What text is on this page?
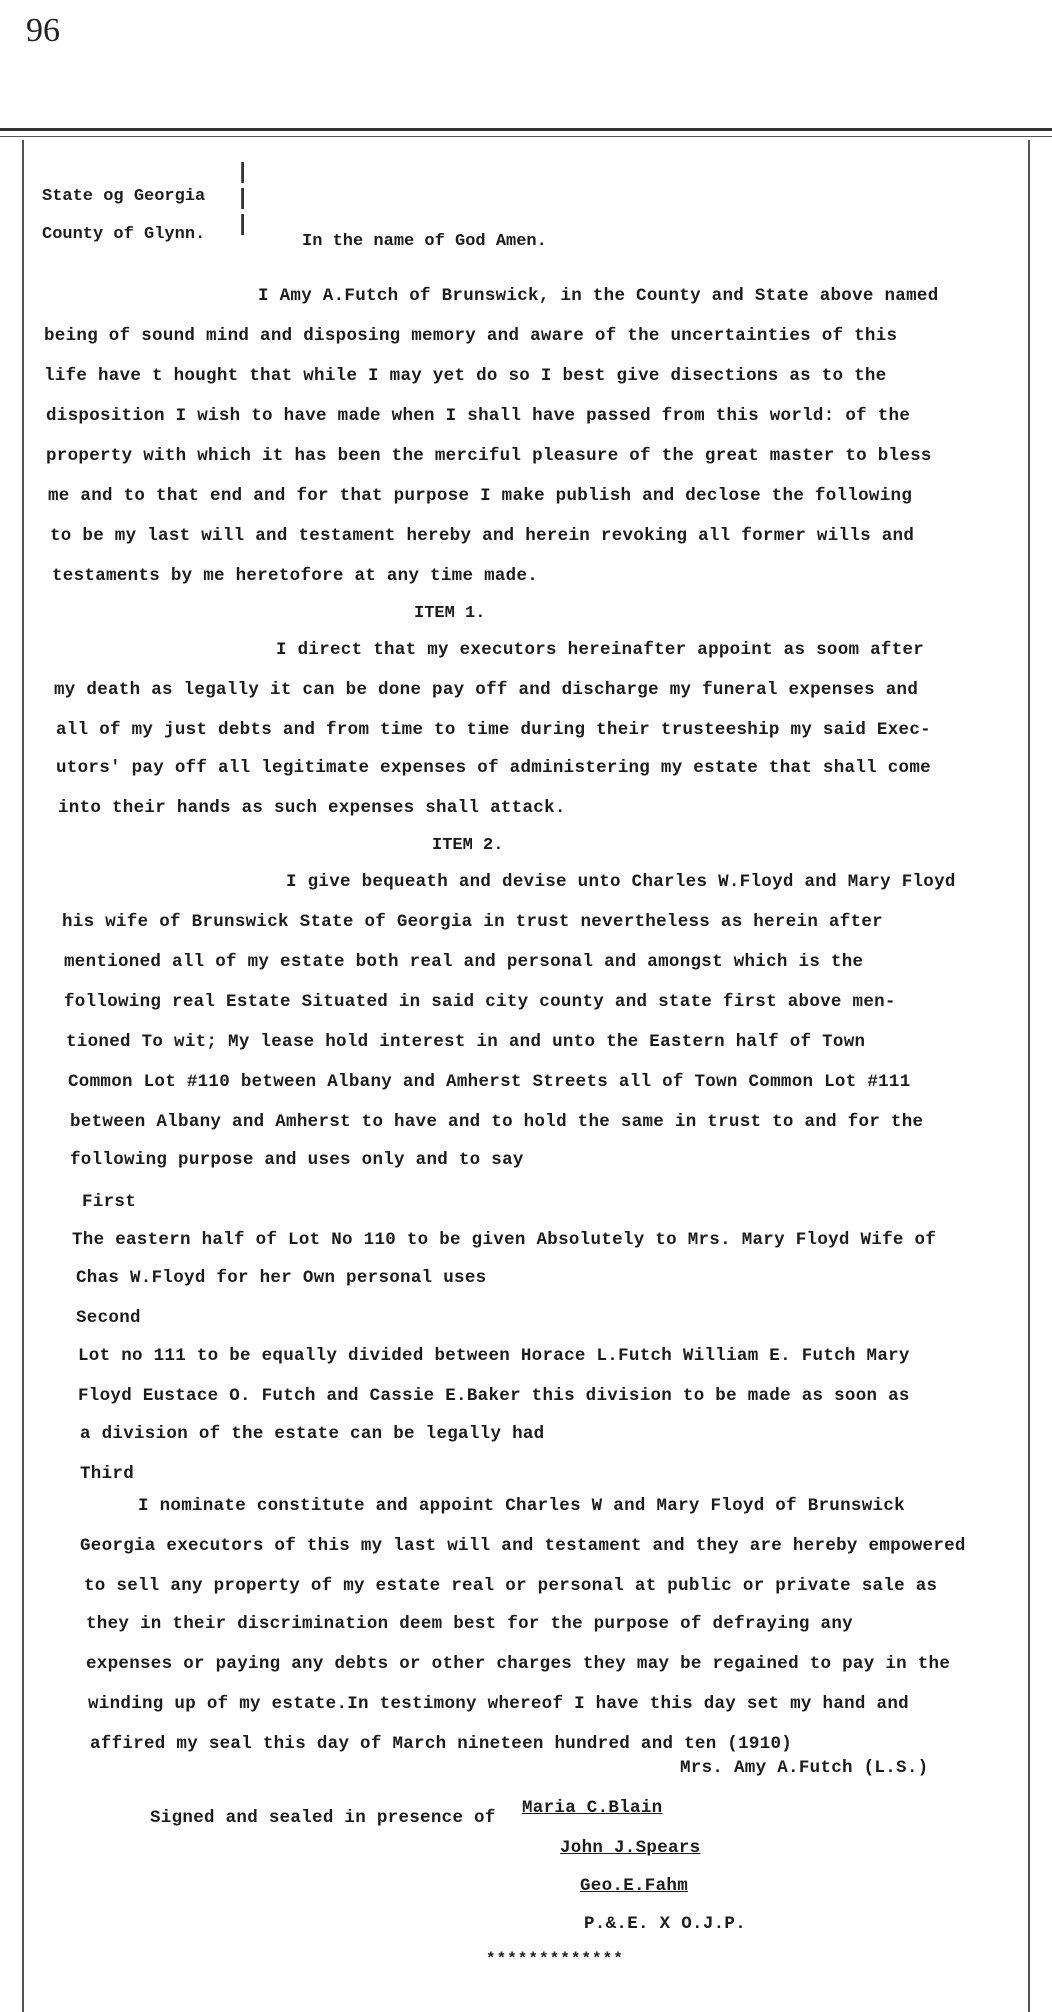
96
State og Georgia
County of Glynn.
|
|
|
In the name of God Amen.
I Amy A.Futch of Brunswick, in the County and State above named
being of sound mind and disposing memory and aware of the uncertainties of this
life have t hought that while I may yet do so I best give disections as to the
disposition I wish to have made when I shall have passed from this world: of the
property with which it has been the merciful pleasure of the great master to bless
me and to that end and for that purpose I make publish and declose the following
to be my last will and testament hereby and herein revoking all former wills and
testaments by me heretofore at any time made.
ITEM 1.
I direct that my executors hereinafter appoint as soom after
my death as legally it can be done pay off and discharge my funeral expenses and
all of my just debts and from time to time during their trusteeship my said Exec-
utors' pay off all legitimate expenses of administering my estate that shall come
into their hands as such expenses shall attack.
ITEM 2.
I give bequeath and devise unto Charles W.Floyd and Mary Floyd
his wife of Brunswick State of Georgia in trust nevertheless as herein after
mentioned all of my estate both real and personal and amongst which is the
following real Estate Situated in said city county and state first above men-
tioned To wit; My lease hold interest in and unto the Eastern half of Town
Common Lot #110 between Albany and Amherst Streets all of Town Common Lot #111
between Albany and Amherst to have and to hold the same in trust to and for the
following purpose and uses only and to say
First
The eastern half of Lot No 110 to be given Absolutely to Mrs. Mary Floyd Wife of
Chas W.Floyd for her Own personal uses
Second
Lot no 111 to be equally divided between Horace L.Futch William E. Futch Mary
Floyd Eustace O. Futch and Cassie E.Baker this division to be made as soon as
a division of the estate can be legally had
Third
I nominate constitute and appoint Charles W and Mary Floyd of Brunswick
Georgia executors of this my last will and testament and they are hereby empowered
to sell any property of my estate real or personal at public or private sale as
they in their discrimination deem best for the purpose of defraying any
expenses or paying any debts or other charges they may be regained to pay in the
winding up of my estate.In testimony whereof I have this day set my hand and
affired my seal this day of March nineteen hundred and ten (1910)
Mrs. Amy A.Futch (L.S.)
Signed and sealed in presence of Maria C.Blain
John J.Spears
Geo.E.Fahm
P.&.E. X O.J.P.
*************
